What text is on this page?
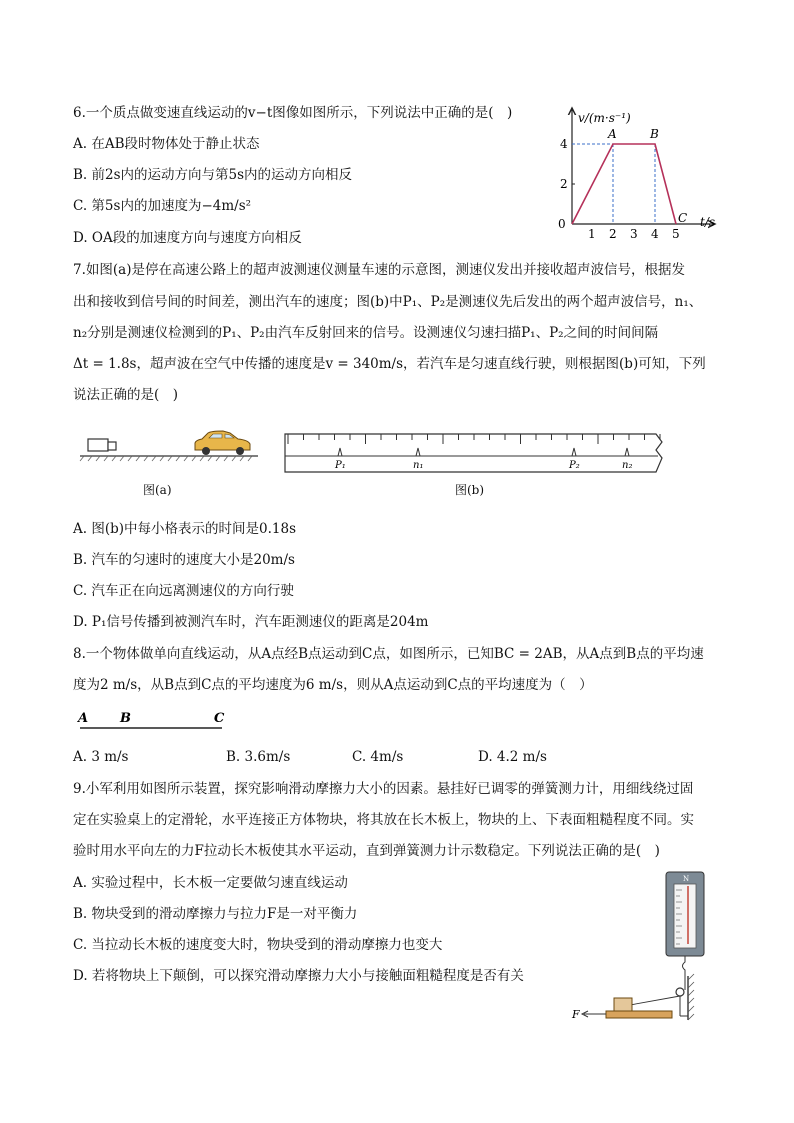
6.一个质点做变速直线运动的v−t图像如图所示，下列说法中正确的是(　)
A. 在AB段时物体处于静止状态
B. 前2s内的运动方向与第5s内的运动方向相反
C. 第5s内的加速度为−4m/s²
D. OA段的加速度方向与速度方向相反
v/(m·s⁻¹)
t/s
0
2
4
1 2 3 4 5
A	B
C
7.如图(a)是停在高速公路上的超声波测速仪测量车速的示意图，测速仪发出并接收超声波信号，根据发
出和接收到信号间的时间差，测出汽车的速度；图(b)中P₁、P₂是测速仪先后发出的两个超声波信号，n₁、
n₂分别是测速仪检测到的P₁、P₂由汽车反射回来的信号。设测速仪匀速扫描P₁、P₂之间的时间间隔
Δt = 1.8s，超声波在空气中传播的速度是v = 340m/s，若汽车是匀速直线行驶，则根据图(b)可知，下列
说法正确的是(　)
图(a)
P₁	n₁	P₂	n₂
图(b)
A. 图(b)中每小格表示的时间是0.18s
B. 汽车的匀速时的速度大小是20m/s
C. 汽车正在向远离测速仪的方向行驶
D. P₁信号传播到被测汽车时，汽车距测速仪的距离是204m
8.一个物体做单向直线运动，从A点经B点运动到C点，如图所示，已知BC = 2AB，从A点到B点的平均速
度为2 m/s，从B点到C点的平均速度为6 m/s，则从A点运动到C点的平均速度为（　）
A B	C
A. 3 m/s	B. 3.6m/s	C. 4m/s	D. 4.2 m/s
9.小军利用如图所示装置，探究影响滑动摩擦力大小的因素。悬挂好已调零的弹簧测力计，用细线绕过固
定在实验桌上的定滑轮，水平连接正方体物块，将其放在长木板上，物块的上、下表面粗糙程度不同。实
验时用水平向左的力F拉动长木板使其水平运动，直到弹簧测力计示数稳定。下列说法正确的是(　)
A. 实验过程中，长木板一定要做匀速直线运动
B. 物块受到的滑动摩擦力与拉力F是一对平衡力
C. 当拉动长木板的速度变大时，物块受到的滑动摩擦力也变大
D. 若将物块上下颠倒，可以探究滑动摩擦力大小与接触面粗糙程度是否有关
N
F
